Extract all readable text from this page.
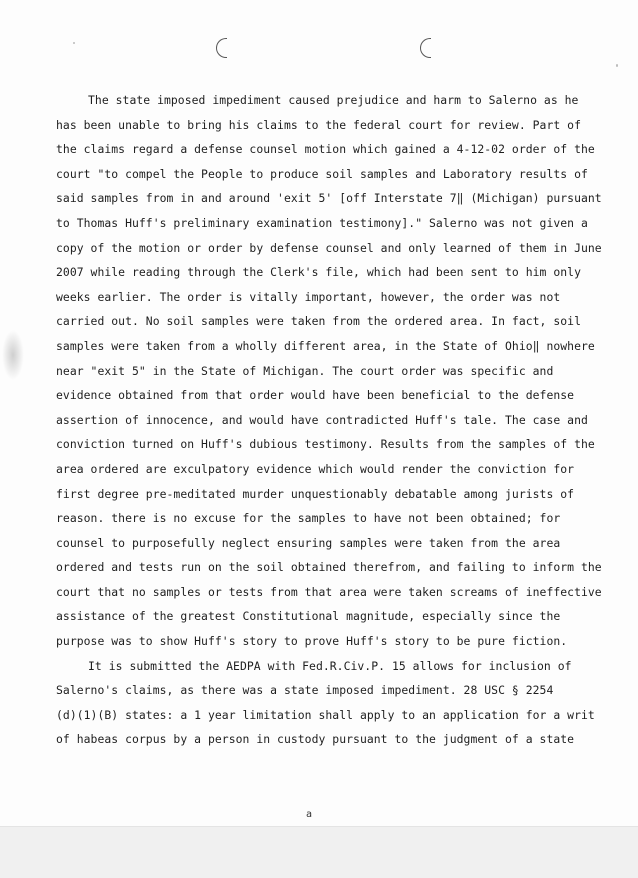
The state imposed impediment caused prejudice and harm to Salerno as he
has been unable to bring his claims to the federal court for review. Part of
the claims regard a defense counsel motion which gained a 4-12-02 order of the
court "to compel the People to produce soil samples and Laboratory results of
said samples from in and around 'exit 5' [off Interstate 7‖ (Michigan) pursuant
to Thomas Huff's preliminary examination testimony]." Salerno was not given a
copy of the motion or order by defense counsel and only learned of them in June
2007 while reading through the Clerk's file, which had been sent to him only
weeks earlier. The order is vitally important, however, the order was not
carried out. No soil samples were taken from the ordered area. In fact, soil
samples were taken from a wholly different area, in the State of Ohio‖ nowhere
near "exit 5" in the State of Michigan. The court order was specific and
evidence obtained from that order would have been beneficial to the defense
assertion of innocence, and would have contradicted Huff's tale. The case and
conviction turned on Huff's dubious testimony. Results from the samples of the
area ordered are exculpatory evidence which would render the conviction for
first degree pre-meditated murder unquestionably debatable among jurists of
reason. there is no excuse for the samples to have not been obtained; for
counsel to purposefully neglect ensuring samples were taken from the area
ordered and tests run on the soil obtained therefrom, and failing to inform the
court that no samples or tests from that area were taken screams of ineffective
assistance of the greatest Constitutional magnitude, especially since the
purpose was to show Huff's story to prove Huff's story to be pure fiction.
It is submitted the AEDPA with Fed.R.Civ.P. 15 allows for inclusion of
Salerno's claims, as there was a state imposed impediment. 28 USC § 2254
(d)(1)(B) states: a 1 year limitation shall apply to an application for a writ
of habeas corpus by a person in custody pursuant to the judgment of a state
a
